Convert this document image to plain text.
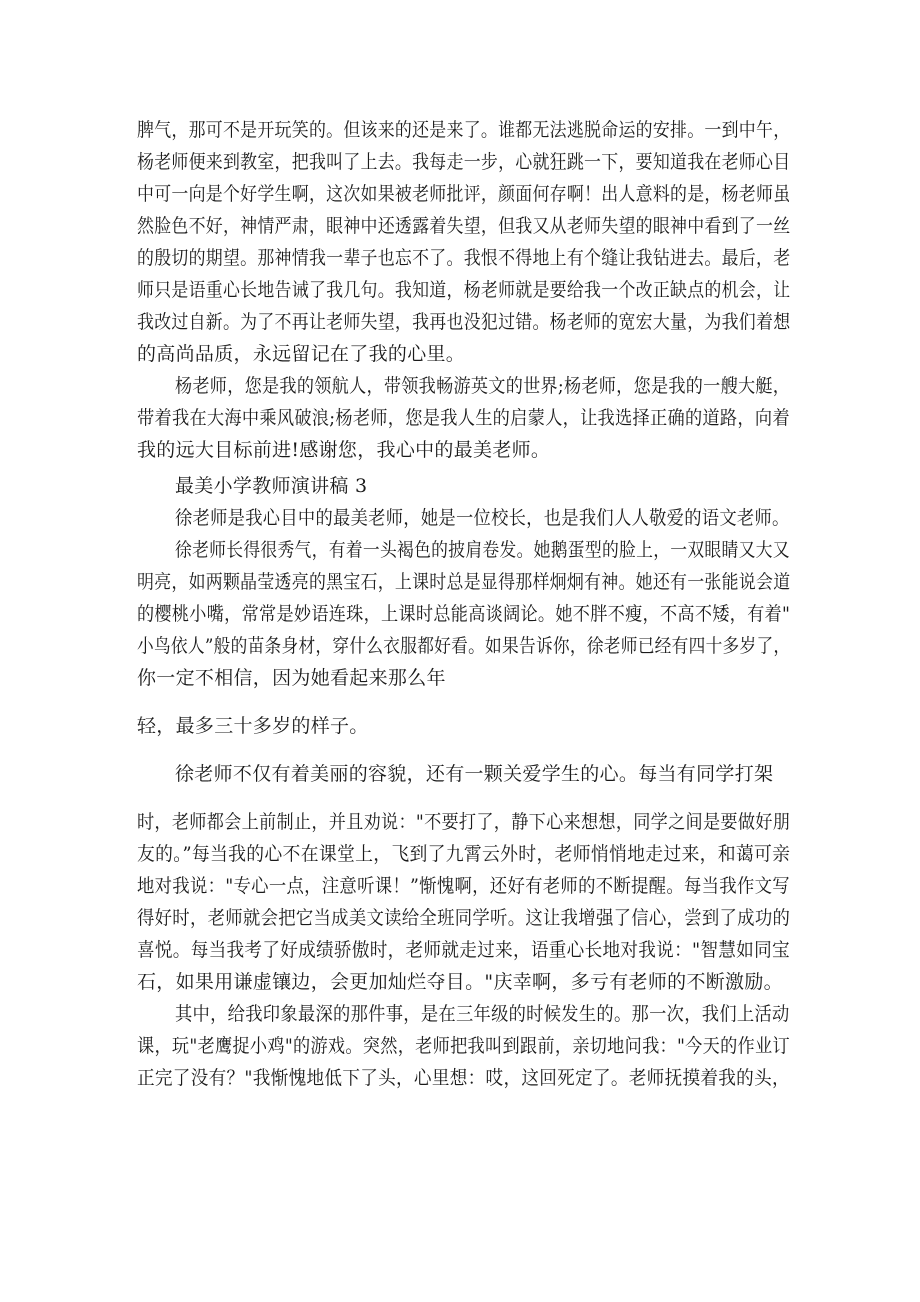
脾气，那可不是开玩笑的。但该来的还是来了。谁都无法逃脱命运的安排。一到中午，
杨老师便来到教室，把我叫了上去。我每走一步，心就狂跳一下，要知道我在老师心目
中可一向是个好学生啊，这次如果被老师批评，颜面何存啊！出人意料的是，杨老师虽
然脸色不好，神情严肃，眼神中还透露着失望，但我又从老师失望的眼神中看到了一丝
的殷切的期望。那神情我一辈子也忘不了。我恨不得地上有个缝让我钻进去。最后，老
师只是语重心长地告诫了我几句。我知道，杨老师就是要给我一个改正缺点的机会，让
我改过自新。为了不再让老师失望，我再也没犯过错。杨老师的宽宏大量，为我们着想
的高尚品质，永远留记在了我的心里。
杨老师，您是我的领航人，带领我畅游英文的世界;杨老师，您是我的一艘大艇，
带着我在大海中乘风破浪;杨老师，您是我人生的启蒙人，让我选择正确的道路，向着
我的远大目标前进!感谢您，我心中的最美老师。
最美小学教师演讲稿 3
徐老师是我心目中的最美老师，她是一位校长，也是我们人人敬爱的语文老师。
徐老师长得很秀气，有着一头褐色的披肩卷发。她鹅蛋型的脸上，一双眼睛又大又
明亮，如两颗晶莹透亮的黑宝石，上课时总是显得那样炯炯有神。她还有一张能说会道
的樱桃小嘴，常常是妙语连珠，上课时总能高谈阔论。她不胖不瘦，不高不矮，有着"
小鸟依人”般的苗条身材，穿什么衣服都好看。如果告诉你，徐老师已经有四十多岁了，
你一定不相信，因为她看起来那么年
轻，最多三十多岁的样子。
徐老师不仅有着美丽的容貌，还有一颗关爱学生的心。每当有同学打架
时，老师都会上前制止，并且劝说："不要打了，静下心来想想，同学之间是要做好朋
友的。”每当我的心不在课堂上，飞到了九霄云外时，老师悄悄地走过来，和蔼可亲
地对我说："专心一点，注意听课！”惭愧啊，还好有老师的不断提醒。每当我作文写
得好时，老师就会把它当成美文读给全班同学听。这让我增强了信心，尝到了成功的
喜悦。每当我考了好成绩骄傲时，老师就走过来，语重心长地对我说："智慧如同宝
石，如果用谦虚镶边，会更加灿烂夺目。"庆幸啊，多亏有老师的不断激励。
其中，给我印象最深的那件事，是在三年级的时候发生的。那一次，我们上活动
课，玩"老鹰捉小鸡"的游戏。突然，老师把我叫到跟前，亲切地问我："今天的作业订
正完了没有？"我惭愧地低下了头，心里想：哎，这回死定了。老师抚摸着我的头，
